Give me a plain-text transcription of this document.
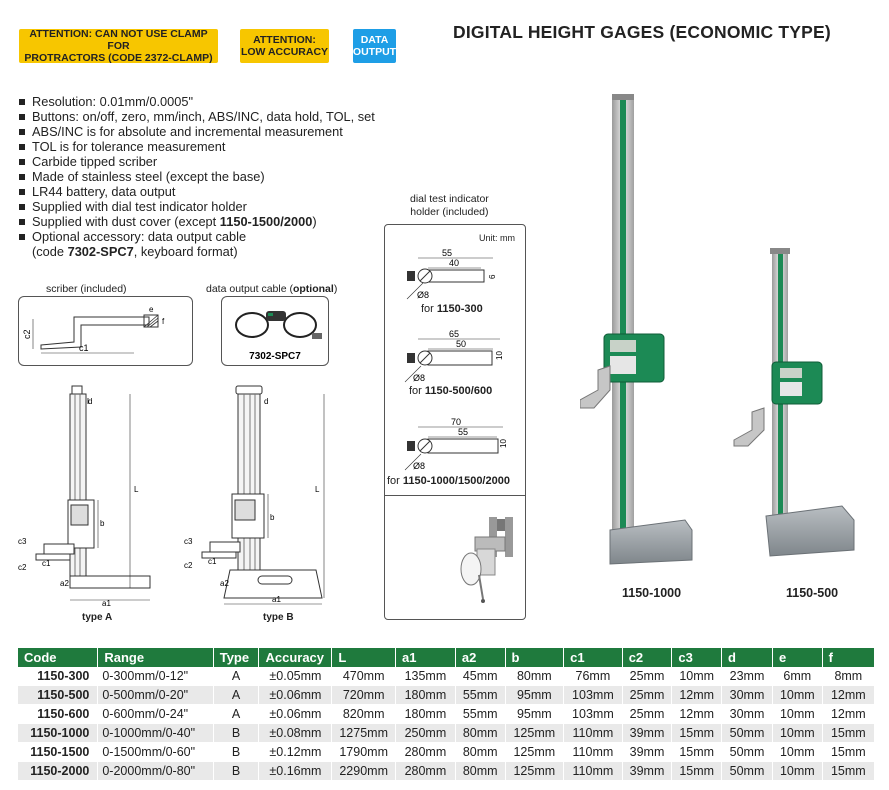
ATTENTION: CAN NOT USE CLAMP FOR
PROTRACTORS (CODE 2372-CLAMP)
ATTENTION:
LOW ACCURACY
DATA
OUTPUT
DIGITAL HEIGHT GAGES (ECONOMIC TYPE)
Resolution: 0.01mm/0.0005"
Buttons: on/off, zero, mm/inch, ABS/INC, data hold, TOL, set
ABS/INC is for absolute and incremental measurement
TOL is for tolerance measurement
Carbide tipped scriber
Made of stainless steel (except the base)
LR44 battery, data output
Supplied with dial test indicator holder
Supplied with dust cover (except 1150-1500/2000)
Optional accessory: data output cable
(code 7302-SPC7, keyboard format)
scriber (included)
c1
c2
e
f
data output cable (optional)
7302-SPC7
d
L
b
c1
c2
c3
a1
a2
type A
d
L
b
c1
c2
c3
a1
a2
type B
dial test indicator
holder (included)
Unit: mm
55
40
6
Ø8
65
50
10
Ø8
70
55
10
Ø8
for 1150-300
for 1150-500/600
for 1150-1000/1500/2000
1150-1000	1150-500
Code	Range	Type	Accuracy	L	a1	a2	b	c1	c2	c3	d	e	f
1150-300	0-300mm/0-12"	A	±0.05mm	470mm	135mm	45mm	80mm	76mm	25mm	10mm	23mm	6mm	8mm
1150-500	0-500mm/0-20"	A	±0.06mm	720mm	180mm	55mm	95mm	103mm	25mm	12mm	30mm	10mm	12mm
1150-600	0-600mm/0-24"	A	±0.06mm	820mm	180mm	55mm	95mm	103mm	25mm	12mm	30mm	10mm	12mm
1150-1000	0-1000mm/0-40"	B	±0.08mm	1275mm	250mm	80mm	125mm	110mm	39mm	15mm	50mm	10mm	15mm
1150-1500	0-1500mm/0-60"	B	±0.12mm	1790mm	280mm	80mm	125mm	110mm	39mm	15mm	50mm	10mm	15mm
1150-2000	0-2000mm/0-80"	B	±0.16mm	2290mm	280mm	80mm	125mm	110mm	39mm	15mm	50mm	10mm	15mm
